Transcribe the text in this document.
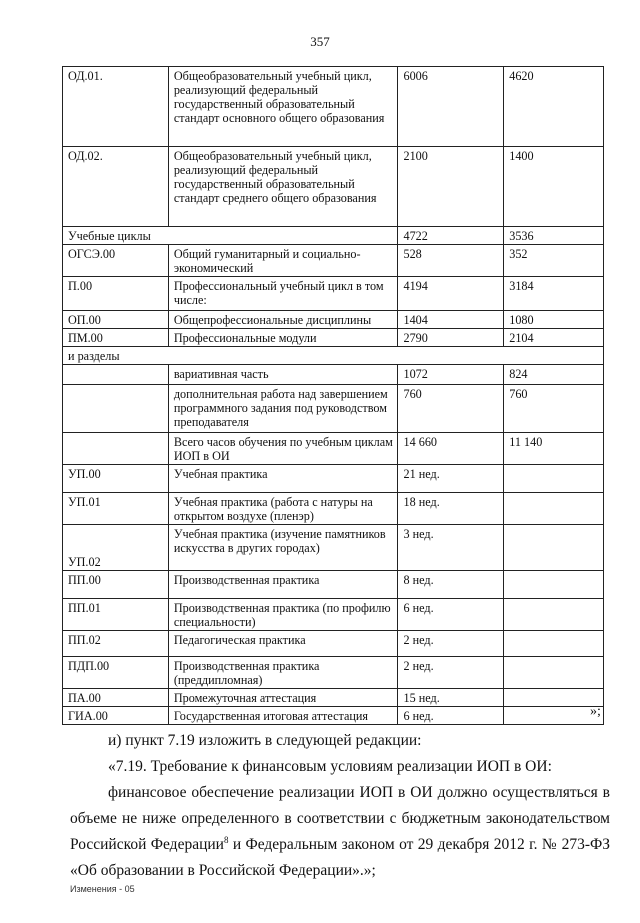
357
ОД.01.	Общеобразовательный учебный цикл, реализующий федеральный государственный образовательный стандарт основного общего образования	6006	4620
ОД.02.	Общеобразовательный учебный цикл, реализующий федеральный государственный образовательный стандарт среднего общего образования	2100	1400
Учебные циклы		4722	3536
ОГСЭ.00	Общий гуманитарный и социально-экономический	528	352
П.00	Профессиональный учебный цикл в том числе:	4194	3184
ОП.00	Общепрофессиональные дисциплины	1404	1080
ПМ.00	Профессиональные модули	2790	2104
и разделы			
	вариативная часть	1072	824
	дополнительная работа над завершением программного задания под руководством преподавателя	760	760
	Всего часов обучения по учебным циклам ИОП в ОИ	14 660	11 140
УП.00	Учебная практика	21 нед.	
УП.01	Учебная практика (работа с натуры на открытом воздухе (пленэр)	18 нед.	
УП.02	Учебная практика (изучение памятников искусства в других городах)	3 нед.	
ПП.00	Производственная практика	8 нед.	
ПП.01	Производственная практика (по профилю специальности)	6 нед.	
ПП.02	Педагогическая практика	2 нед.	
ПДП.00	Производственная практика (преддипломная)	2 нед.	
ПА.00	Промежуточная аттестация	15 нед.	
ГИА.00	Государственная итоговая аттестация	6 нед.		»;

и) пункт 7.19 изложить в следующей редакции:

«7.19. Требование к финансовым условиям реализации ИОП в ОИ:

финансовое обеспечение реализации ИОП в ОИ должно осуществляться в объеме не ниже определенного в соответствии с бюджетным законодательством Российской Федерации$^8$ и Федеральным законом от 29 декабря 2012 г. № 273-ФЗ «Об образовании в Российской Федерации».»;

Изменения - 05
